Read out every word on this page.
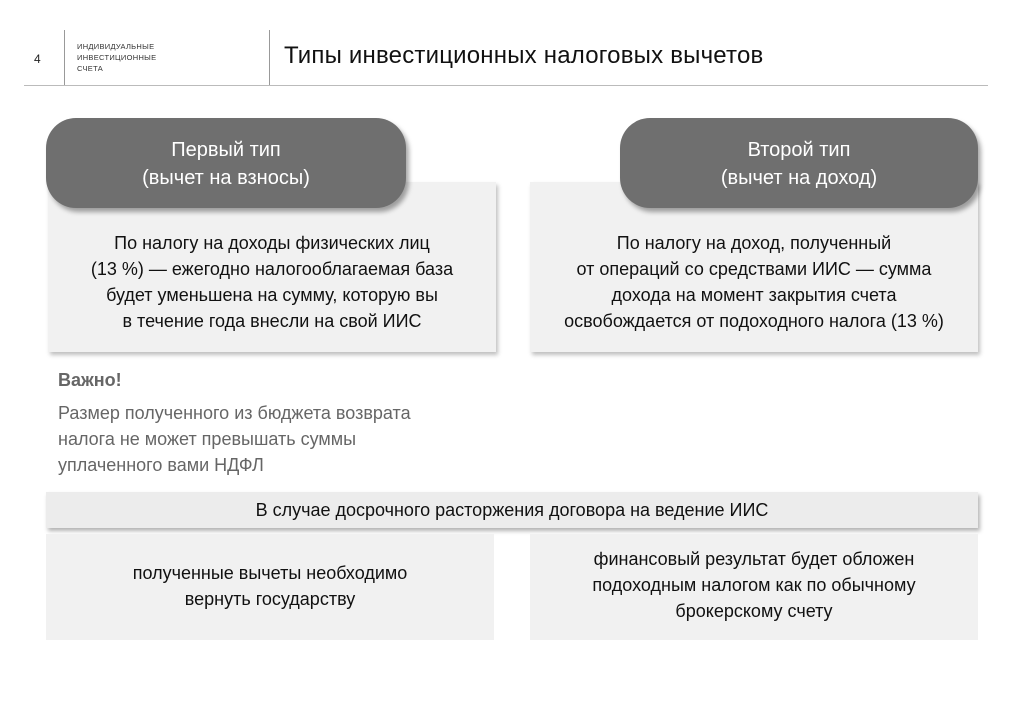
4
ИНДИВИДУАЛЬНЫЕ
ИНВЕСТИЦИОННЫЕ
СЧЕТА	Типы инвестиционных налоговых вычетов
По налогу на доходы физических лиц
(13 %) — ежегодно налогооблагаемая база
будет уменьшена на сумму, которую вы
в течение года внесли на свой ИИС
Первый тип
(вычет на взносы)
По налогу на доход, полученный
от операций со средствами ИИС — сумма
дохода на момент закрытия счета
освобождается от подоходного налога (13 %)
Второй тип
(вычет на доход)
Важно!
Размер полученного из бюджета возврата
налога не может превышать суммы
уплаченного вами НДФЛ
В случае досрочного расторжения договора на ведение ИИС
полученные вычеты необходимо
вернуть государству
финансовый результат будет обложен
подоходным налогом как по обычному
брокерскому счету
